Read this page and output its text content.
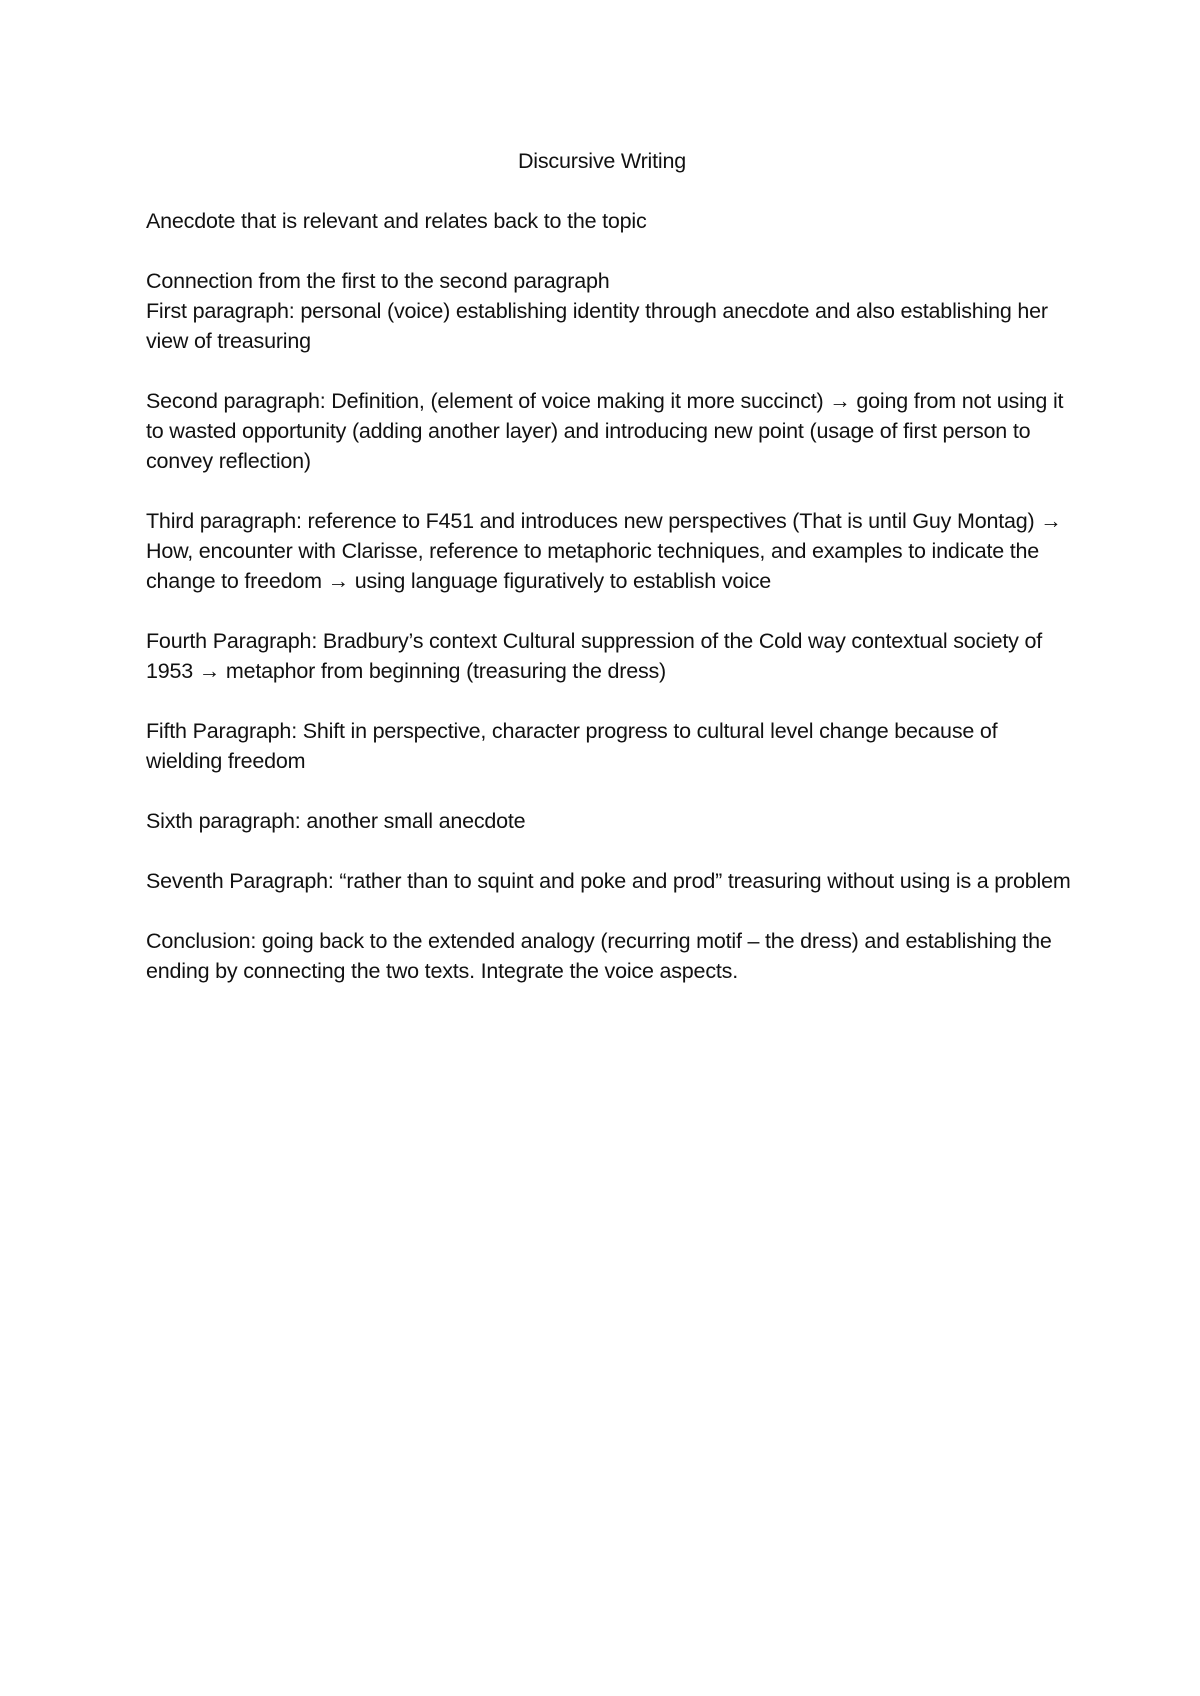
Discursive Writing
Anecdote that is relevant and relates back to the topic
Connection from the first to the second paragraph
First paragraph: personal (voice) establishing identity through anecdote and also establishing her view of treasuring
Second paragraph: Definition, (element of voice making it more succinct) → going from not using it to wasted opportunity (adding another layer) and introducing new point (usage of first person to convey reflection)
Third paragraph: reference to F451 and introduces new perspectives (That is until Guy Montag) → How, encounter with Clarisse, reference to metaphoric techniques, and examples to indicate the change to freedom → using language figuratively to establish voice
Fourth Paragraph: Bradbury’s context Cultural suppression of the Cold way contextual society of 1953 → metaphor from beginning (treasuring the dress)
Fifth Paragraph: Shift in perspective, character progress to cultural level change because of wielding freedom
Sixth paragraph: another small anecdote
Seventh Paragraph: “rather than to squint and poke and prod” treasuring without using is a problem
Conclusion: going back to the extended analogy (recurring motif – the dress) and establishing the ending by connecting the two texts. Integrate the voice aspects.
